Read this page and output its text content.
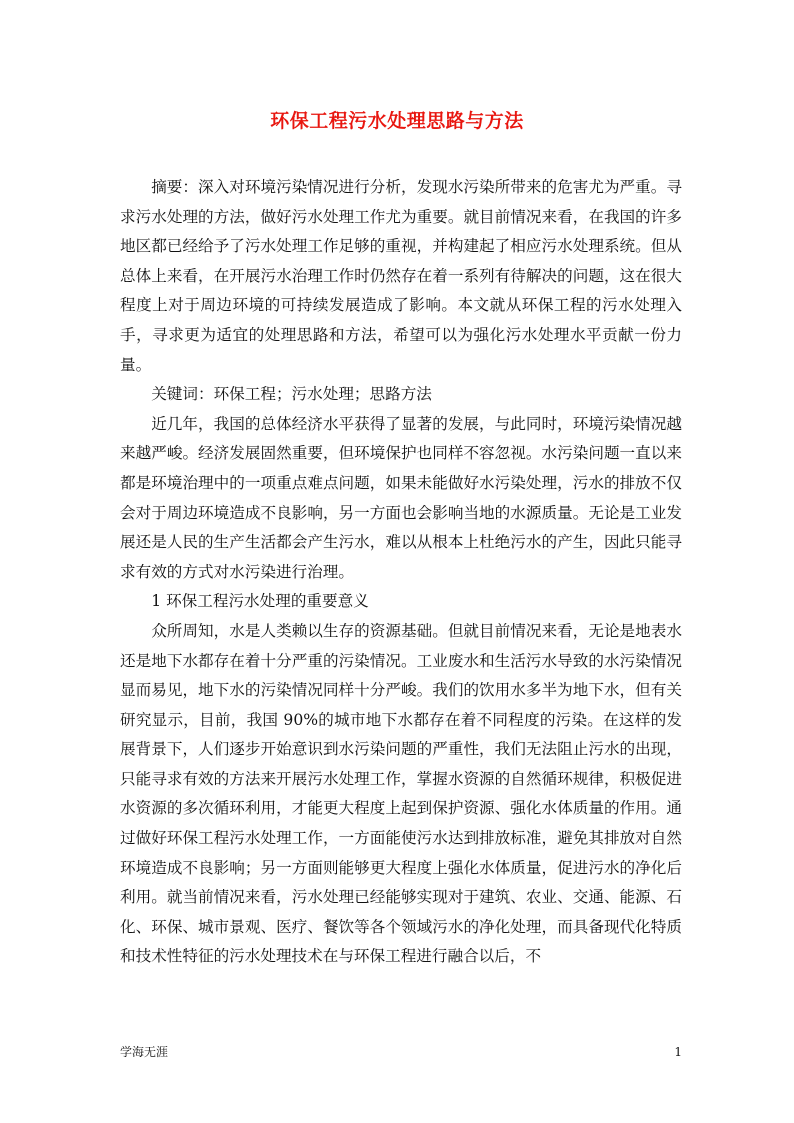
环保工程污水处理思路与方法

摘要：深入对环境污染情况进行分析，发现水污染所带来的危害尤为严重。寻求污水处理的方法，做好污水处理工作尤为重要。就目前情况来看，在我国的许多地区都已经给予了污水处理工作足够的重视，并构建起了相应污水处理系统。但从总体上来看，在开展污水治理工作时仍然存在着一系列有待解决的问题，这在很大程度上对于周边环境的可持续发展造成了影响。本文就从环保工程的污水处理入手，寻求更为适宜的处理思路和方法，希望可以为强化污水处理水平贡献一份力量。

关键词：环保工程；污水处理；思路方法

近几年，我国的总体经济水平获得了显著的发展，与此同时，环境污染情况越来越严峻。经济发展固然重要，但环境保护也同样不容忽视。水污染问题一直以来都是环境治理中的一项重点难点问题，如果未能做好水污染处理，污水的排放不仅会对于周边环境造成不良影响，另一方面也会影响当地的水源质量。无论是工业发展还是人民的生产生活都会产生污水，难以从根本上杜绝污水的产生，因此只能寻求有效的方式对水污染进行治理。

1 环保工程污水处理的重要意义

众所周知，水是人类赖以生存的资源基础。但就目前情况来看，无论是地表水还是地下水都存在着十分严重的污染情况。工业废水和生活污水导致的水污染情况显而易见，地下水的污染情况同样十分严峻。我们的饮用水多半为地下水，但有关研究显示，目前，我国 90%的城市地下水都存在着不同程度的污染。在这样的发展背景下，人们逐步开始意识到水污染问题的严重性，我们无法阻止污水的出现，只能寻求有效的方法来开展污水处理工作，掌握水资源的自然循环规律，积极促进水资源的多次循环利用，才能更大程度上起到保护资源、强化水体质量的作用。通过做好环保工程污水处理工作，一方面能使污水达到排放标准，避免其排放对自然环境造成不良影响；另一方面则能够更大程度上强化水体质量，促进污水的净化后利用。就当前情况来看，污水处理已经能够实现对于建筑、农业、交通、能源、石化、环保、城市景观、医疗、餐饮等各个领域污水的净化处理，而具备现代化特质和技术性特征的污水处理技术在与环保工程进行融合以后，不

学海无涯	1
